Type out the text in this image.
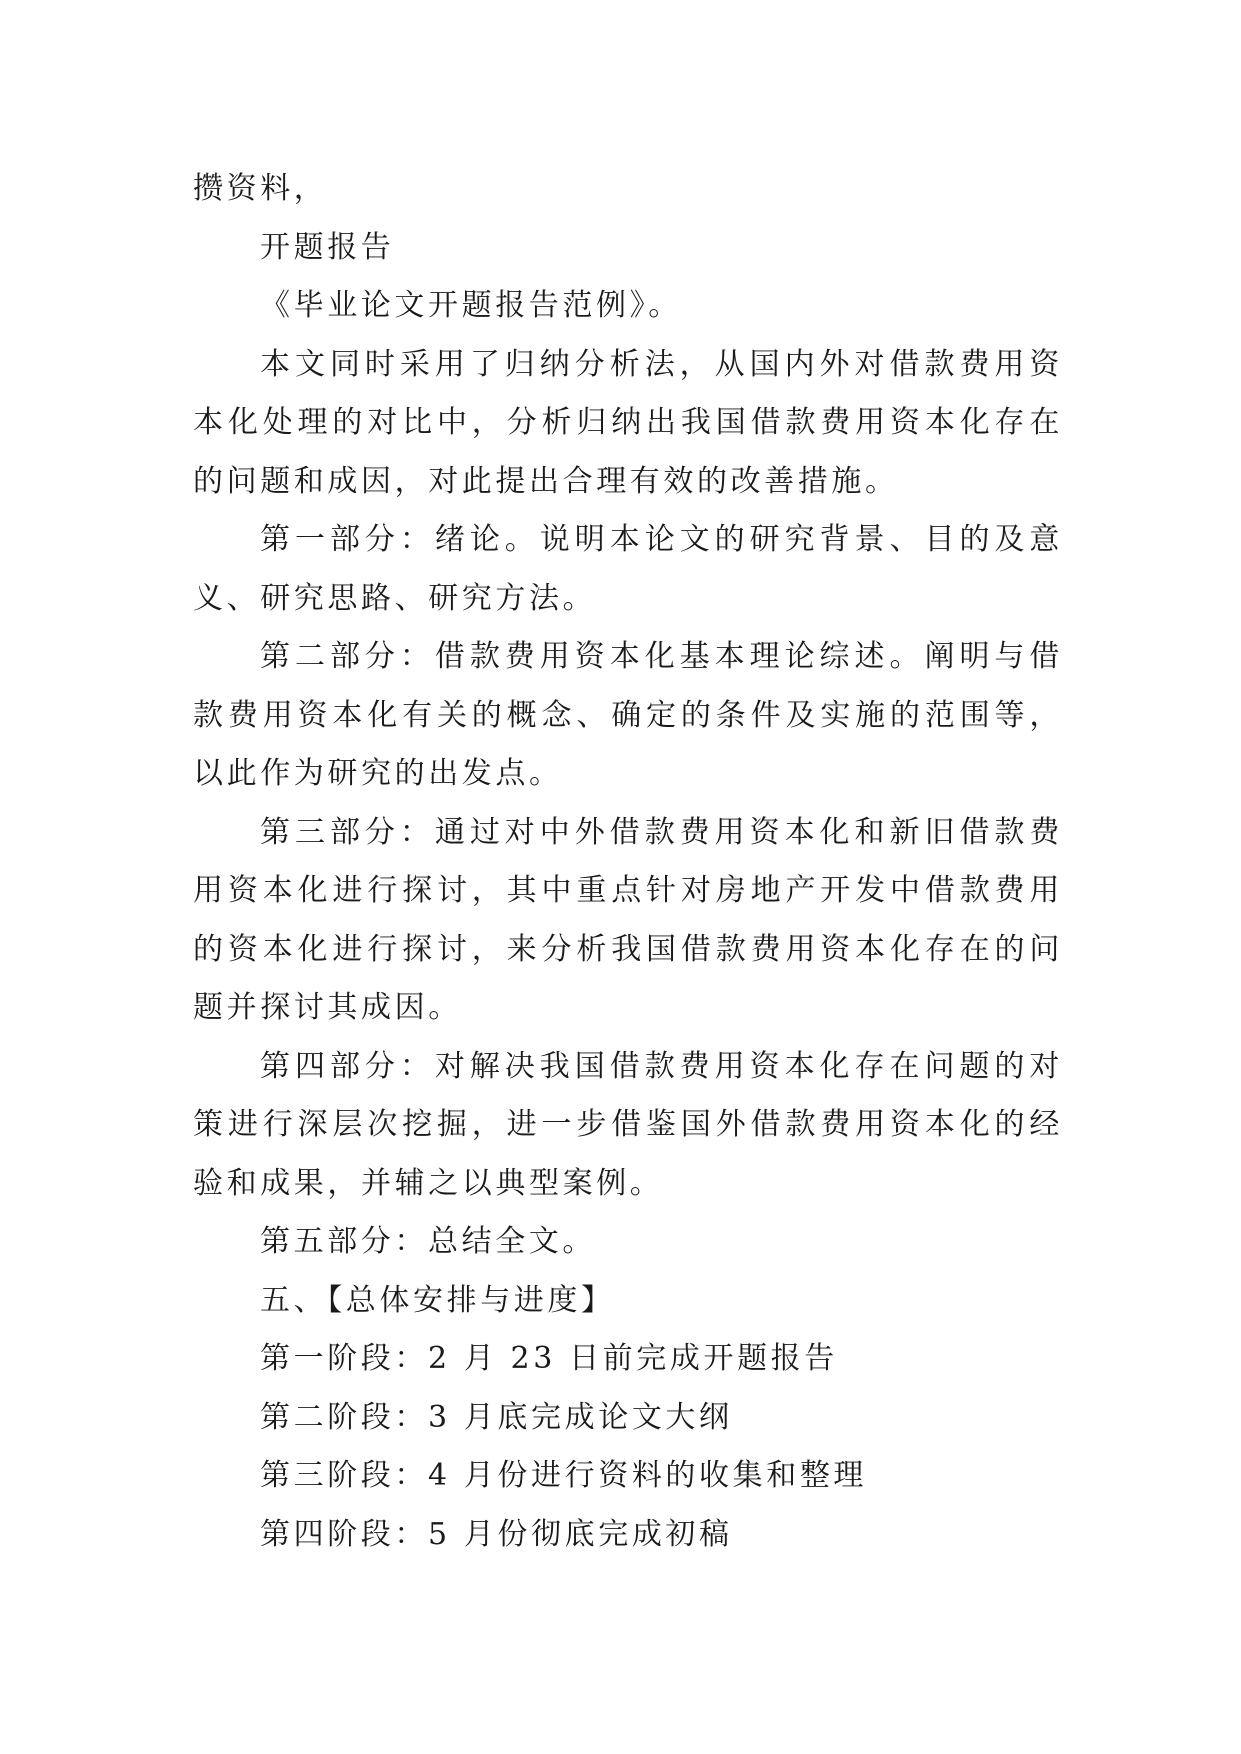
攒资料，

开题报告

《毕业论文开题报告范例》。

本文同时采用了归纳分析法，从国内外对借款费用资本化处理的对比中，分析归纳出我国借款费用资本化存在的问题和成因，对此提出合理有效的改善措施。

第一部分：绪论。说明本论文的研究背景、目的及意义、研究思路、研究方法。

第二部分：借款费用资本化基本理论综述。阐明与借款费用资本化有关的概念、确定的条件及实施的范围等，以此作为研究的出发点。

第三部分：通过对中外借款费用资本化和新旧借款费用资本化进行探讨，其中重点针对房地产开发中借款费用的资本化进行探讨，来分析我国借款费用资本化存在的问题并探讨其成因。

第四部分：对解决我国借款费用资本化存在问题的对策进行深层次挖掘，进一步借鉴国外借款费用资本化的经验和成果，并辅之以典型案例。

第五部分：总结全文。

五、【总体安排与进度】

第一阶段：2 月 23 日前完成开题报告

第二阶段：3 月底完成论文大纲

第三阶段：4 月份进行资料的收集和整理

第四阶段：5 月份彻底完成初稿
